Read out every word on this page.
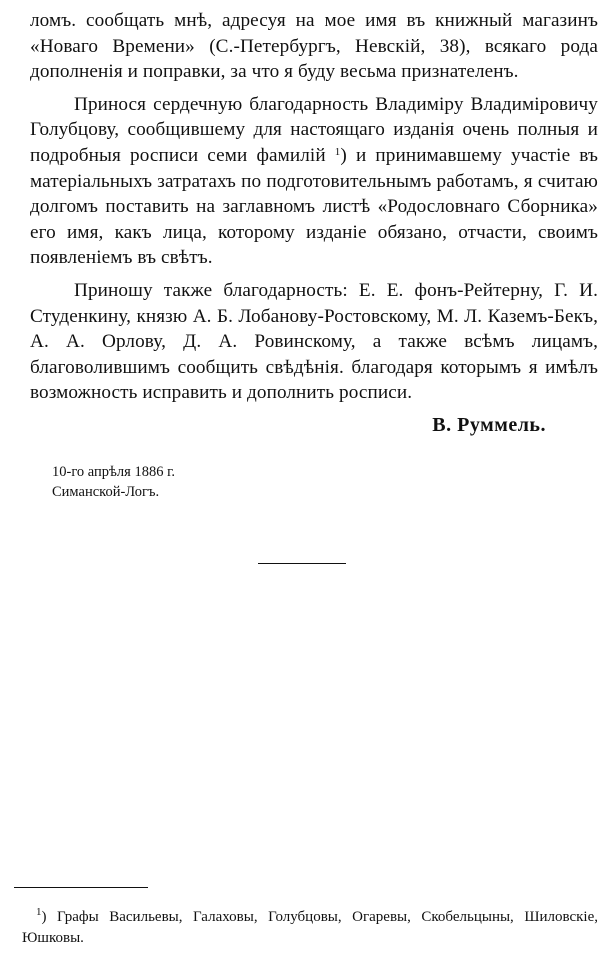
ломъ. сообщать мнѣ, адресуя на мое имя въ книжный магазинъ «Новаго Времени» (С.-Петербургъ, Невскій, 38), всякаго рода дополненія и поправки, за что я буду весьма признателенъ.

Принося сердечную благодарность Владиміру Владиміровичу Голубцову, сообщившему для настоящаго изданія очень полныя и подробныя росписи семи фамилій $^1$) и принимавшему участіе въ матеріальныхъ затратахъ по подготовительнымъ работамъ, я считаю долгомъ поставить на заглавномъ листѣ «Родословнаго Сборника» его имя, какъ лица, которому изданіе обязано, отчасти, своимъ появленіемъ въ свѣтъ.

Приношу также благодарность: Е. Е. фонъ-Рейтерну, Г. И. Студенкину, князю А. Б. Лобанову-Ростовскому, М. Л. Каземъ-Бекъ, А. А. Орлову, Д. А. Ровинскому, а также всѣмъ лицамъ, благоволившимъ сообщить свѣдѣнія. благодаря которымъ я имѣлъ возможность исправить и дополнить росписи.

В. Руммель.
10-го апрѣля 1886 г.
Симанской-Логъ.
$^1$) Графы Васильевы, Галаховы, Голубцовы, Огаревы, Скобельцыны, Шиловскіе, Юшковы.
